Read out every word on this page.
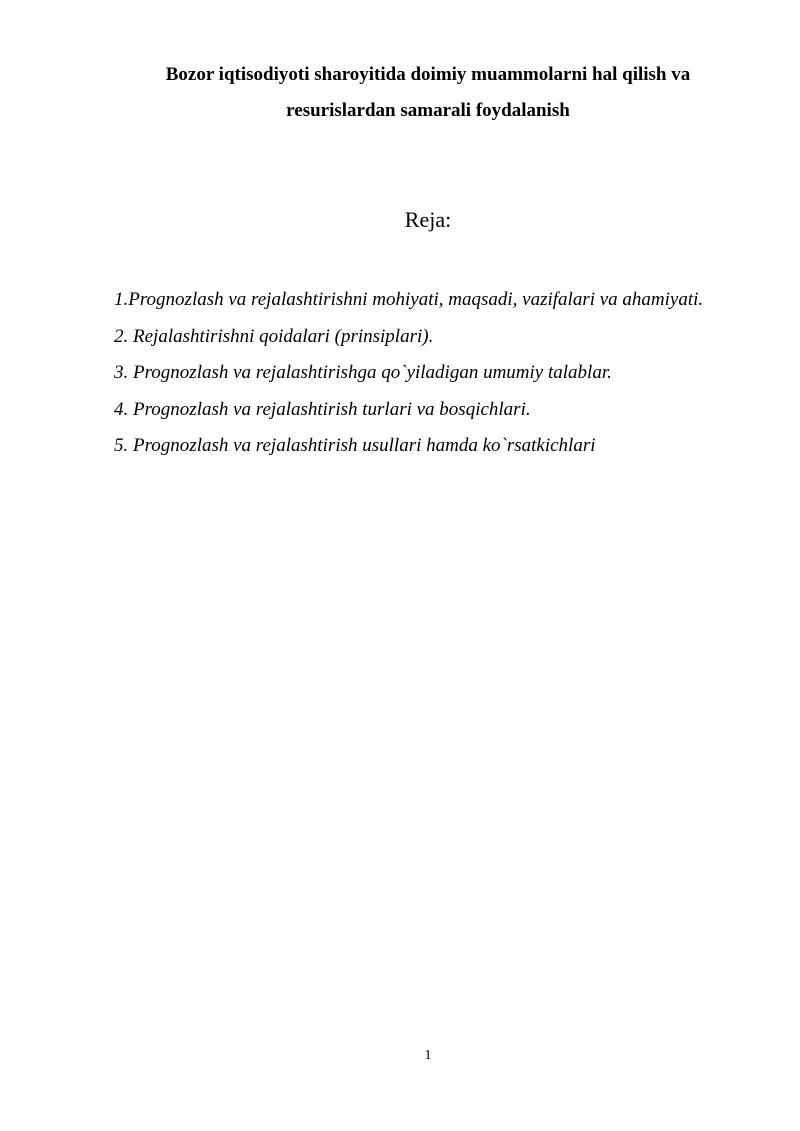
Bozor iqtisodiyoti sharoyitida doimiy muammolarni hal qilish va resurislardan samarali foydalanish
Reja:
1.Prognozlash va rejalashtirishni mohiyati, maqsadi, vazifalari va ahamiyati.
2. Rejalashtirishni qoidalari (prinsiplari).
3. Prognozlash va rejalashtirishga qo`yiladigan umumiy talablar.
4. Prognozlash va rejalashtirish turlari va bosqichlari.
5. Prognozlash va rejalashtirish usullari hamda ko`rsatkichlari
1
